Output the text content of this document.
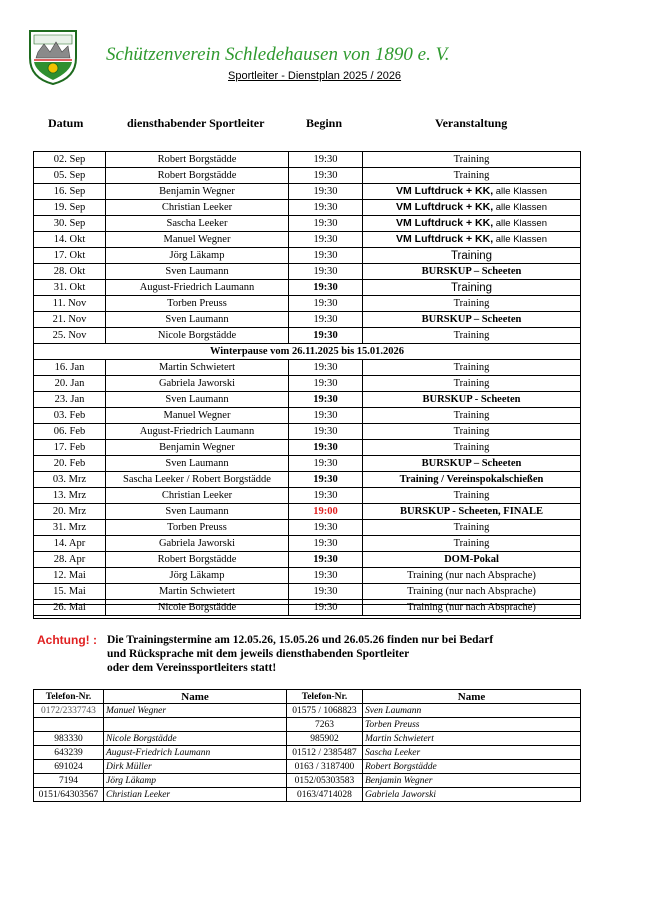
Schützenverein Schledehausen von 1890 e. V.
Sportleiter - Dienstplan 2025 / 2026
Datum	diensthabender Sportleiter	Beginn	Veranstaltung
02. Sep	Robert Borgstädde	19:30	Training
05. Sep	Robert Borgstädde	19:30	Training
16. Sep	Benjamin Wegner	19:30	VM Luftdruck + KK, alle Klassen
19. Sep	Christian Leeker	19:30	VM Luftdruck + KK, alle Klassen
30. Sep	Sascha Leeker	19:30	VM Luftdruck + KK, alle Klassen
14. Okt	Manuel Wegner	19:30	VM Luftdruck + KK, alle Klassen
17. Okt	Jörg Läkamp	19:30	Training
28. Okt	Sven Laumann	19:30	BURSKUP – Scheeten
31. Okt	August-Friedrich Laumann	19:30	Training
11. Nov	Torben Preuss	19:30	Training
21. Nov	Sven Laumann	19:30	BURSKUP – Scheeten
25. Nov	Nicole Borgstädde	19:30	Training
Winterpause vom 26.11.2025 bis 15.01.2026			
16. Jan	Martin Schwietert	19:30	Training
20. Jan	Gabriela Jaworski	19:30	Training
23. Jan	Sven Laumann	19:30	BURSKUP - Scheeten
03. Feb	Manuel Wegner	19:30	Training
06. Feb	August-Friedrich Laumann	19:30	Training
17. Feb	Benjamin Wegner	19:30	Training
20. Feb	Sven Laumann	19:30	BURSKUP – Scheeten
03. Mrz	Sascha Leeker / Robert Borgstädde	19:30	Training / Vereinspokalschießen
13. Mrz	Christian Leeker	19:30	Training
20. Mrz	Sven Laumann	19:00	BURSKUP - Scheeten, FINALE
31. Mrz	Torben Preuss	19:30	Training
14. Apr	Gabriela Jaworski	19:30	Training
28. Apr	Robert Borgstädde	19:30	DOM-Pokal
12. Mai	Jörg Läkamp	19:30	Training (nur nach Absprache)
15. Mai	Martin Schwietert	19:30	Training (nur nach Absprache)
26. Mai	Nicole Borgstädde	19:30	Training (nur nach Absprache)
Achtung! : Die Trainingstermine am 12.05.26, 15.05.26 und 26.05.26 finden nur bei Bedarf
und Rücksprache mit dem jeweils diensthabenden Sportleiter
oder dem Vereinssportleiters statt!
Telefon-Nr.	Name	Telefon-Nr.	Name
0172/2337743	Manuel Wegner	01575 / 1068823	Sven Laumann
		7263	Torben Preuss
983330	Nicole Borgstädde	985902	Martin Schwietert
643239	August-Friedrich Laumann	01512 / 2385487	Sascha Leeker
691024	Dirk Müller	0163 / 3187400	Robert Borgstädde
7194	Jörg Läkamp	0152/05303583	Benjamin Wegner
0151/64303567	Christian Leeker	0163/4714028	Gabriela Jaworski
